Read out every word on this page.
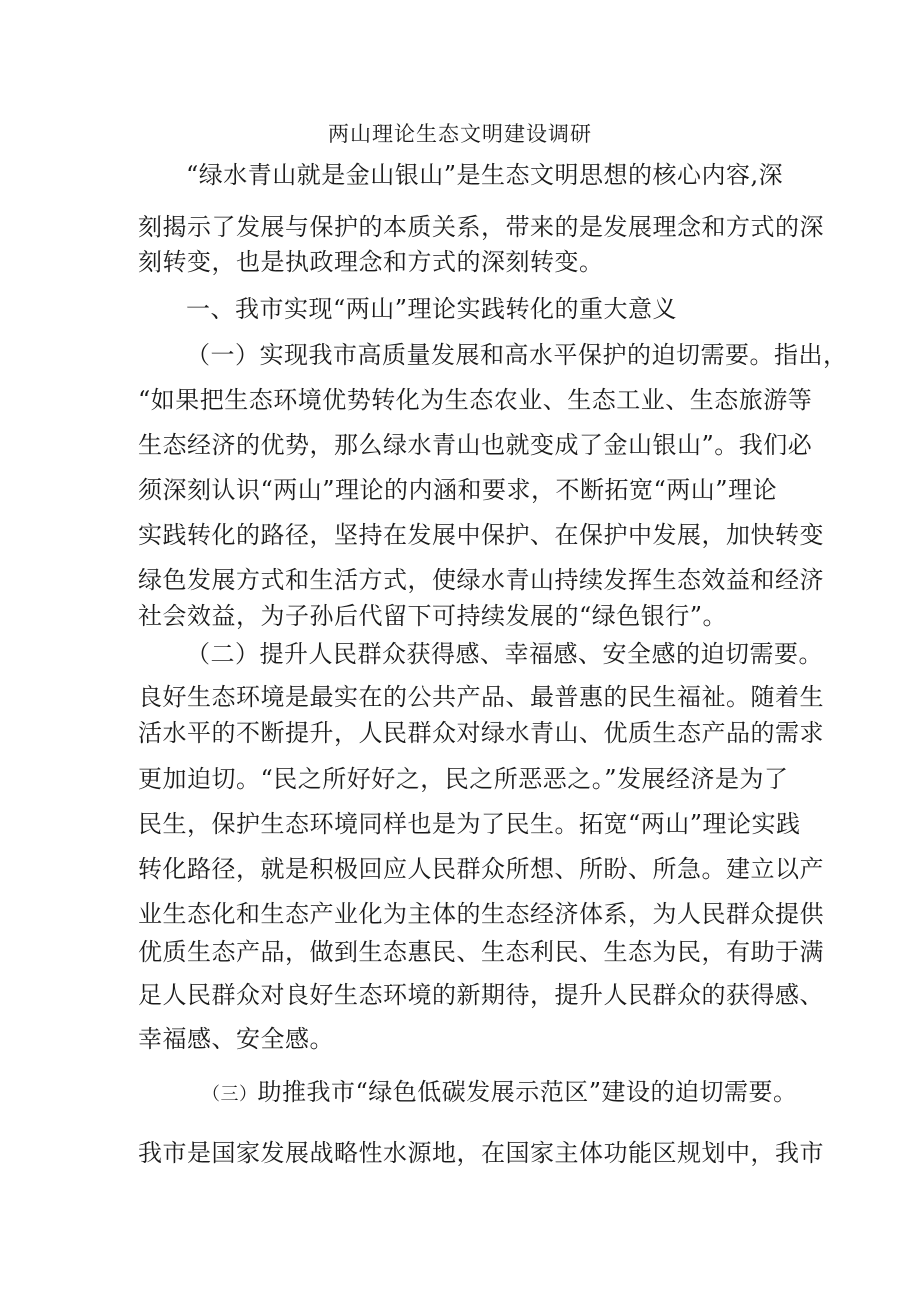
两山理论生态文明建设调研
“绿水青山就是金山银山”是生态文明思想的核心内容,深
刻揭示了发展与保护的本质关系，带来的是发展理念和方式的深
刻转变，也是执政理念和方式的深刻转变。
一、我市实现“两山”理论实践转化的重大意义
（一）实现我市高质量发展和高水平保护的迫切需要。指出，
“如果把生态环境优势转化为生态农业、生态工业、生态旅游等
生态经济的优势，那么绿水青山也就变成了金山银山”。我们必
须深刻认识“两山”理论的内涵和要求，不断拓宽“两山”理论
实践转化的路径，坚持在发展中保护、在保护中发展，加快转变
绿色发展方式和生活方式，使绿水青山持续发挥生态效益和经济
社会效益，为子孙后代留下可持续发展的“绿色银行”。
（二）提升人民群众获得感、幸福感、安全感的迫切需要。
良好生态环境是最实在的公共产品、最普惠的民生福祉。随着生
活水平的不断提升，人民群众对绿水青山、优质生态产品的需求
更加迫切。“民之所好好之，民之所恶恶之。”发展经济是为了
民生，保护生态环境同样也是为了民生。拓宽“两山”理论实践
转化路径，就是积极回应人民群众所想、所盼、所急。建立以产
业生态化和生态产业化为主体的生态经济体系，为人民群众提供
优质生态产品，做到生态惠民、生态利民、生态为民，有助于满
足人民群众对良好生态环境的新期待，提升人民群众的获得感、
幸福感、安全感。
（三）助推我市“绿色低碳发展示范区”建设的迫切需要。
我市是国家发展战略性水源地，在国家主体功能区规划中，我市
